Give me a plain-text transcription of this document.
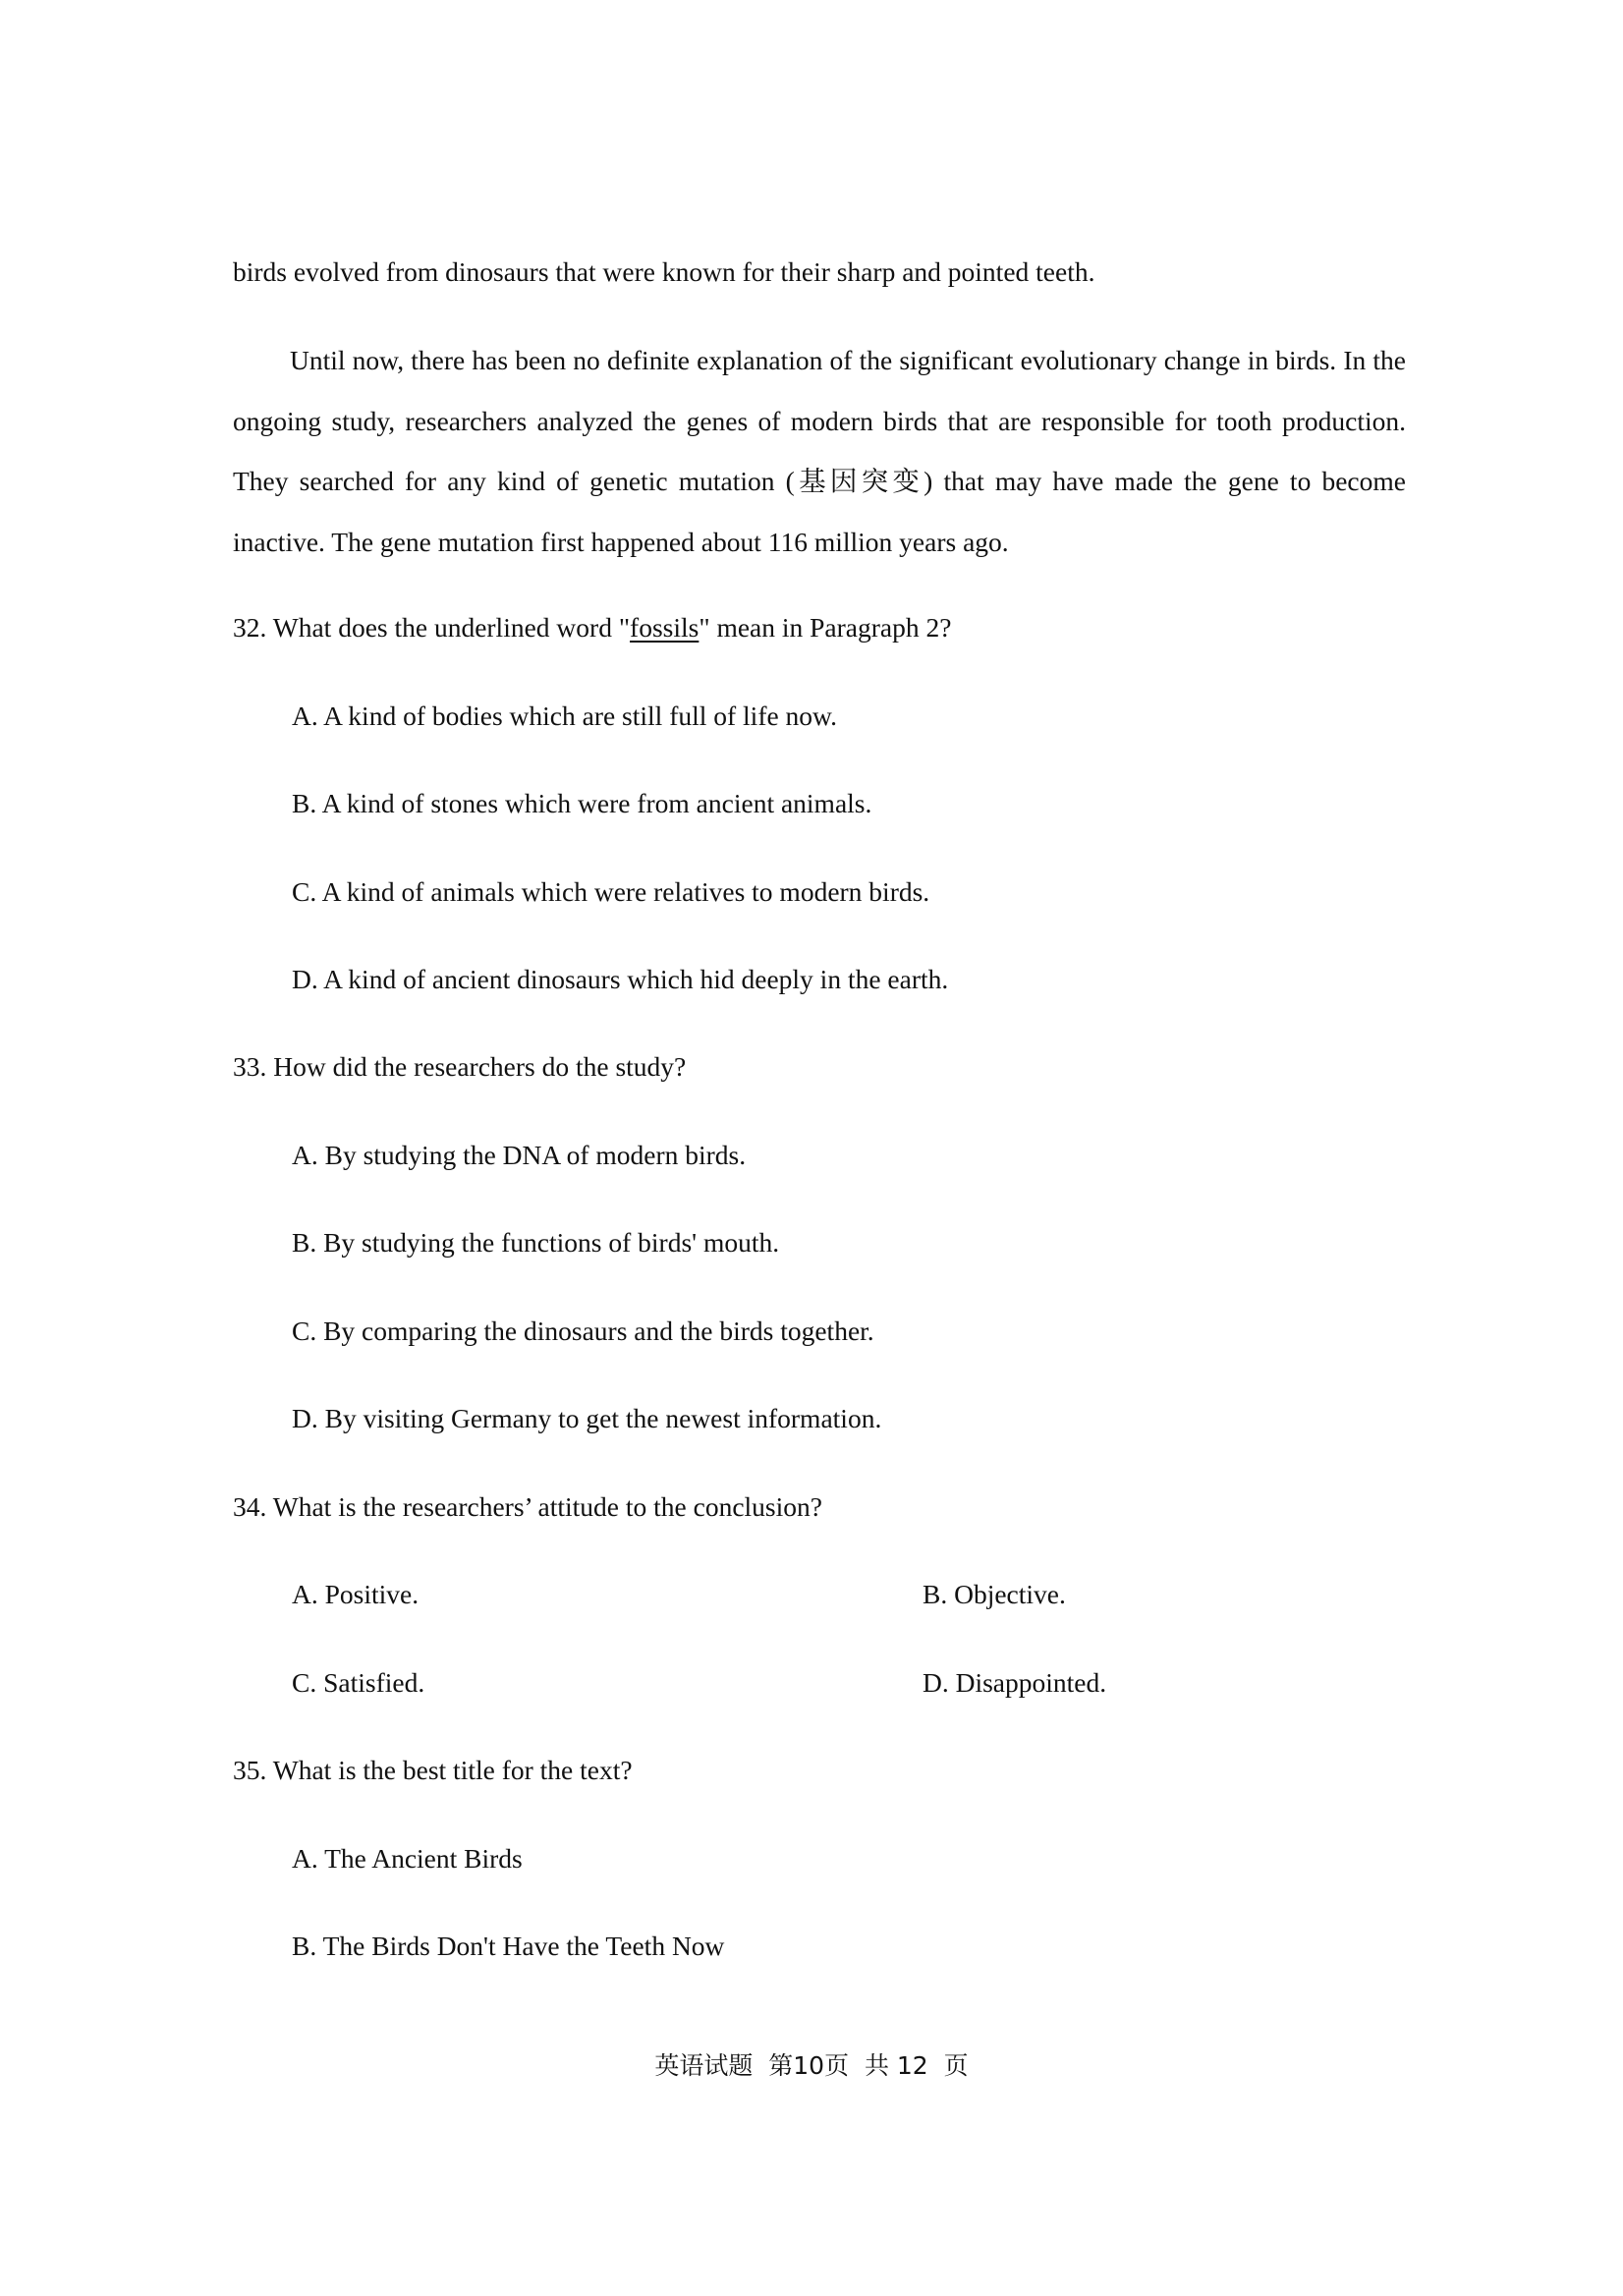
birds evolved from dinosaurs that were known for their sharp and pointed teeth.

Until now, there has been no definite explanation of the significant evolutionary change in birds. In the ongoing study, researchers analyzed the genes of modern birds that are responsible for tooth production. They searched for any kind of genetic mutation (基因突变) that may have made the gene to become inactive. The gene mutation first happened about 116 million years ago.

32. What does the underlined word "fossils" mean in Paragraph 2?
A. A kind of bodies which are still full of life now.
B. A kind of stones which were from ancient animals.
C. A kind of animals which were relatives to modern birds.
D. A kind of ancient dinosaurs which hid deeply in the earth.
33. How did the researchers do the study?
A. By studying the DNA of modern birds.
B. By studying the functions of birds' mouth.
C. By comparing the dinosaurs and the birds together.
D. By visiting Germany to get the newest information.
34. What is the researchers’ attitude to the conclusion?
A. Positive.	B. Objective.
C. Satisfied.	D. Disappointed.
35. What is the best title for the text?
A. The Ancient Birds
B. The Birds Don't Have the Teeth Now
英语试题  第10页  共 12  页
